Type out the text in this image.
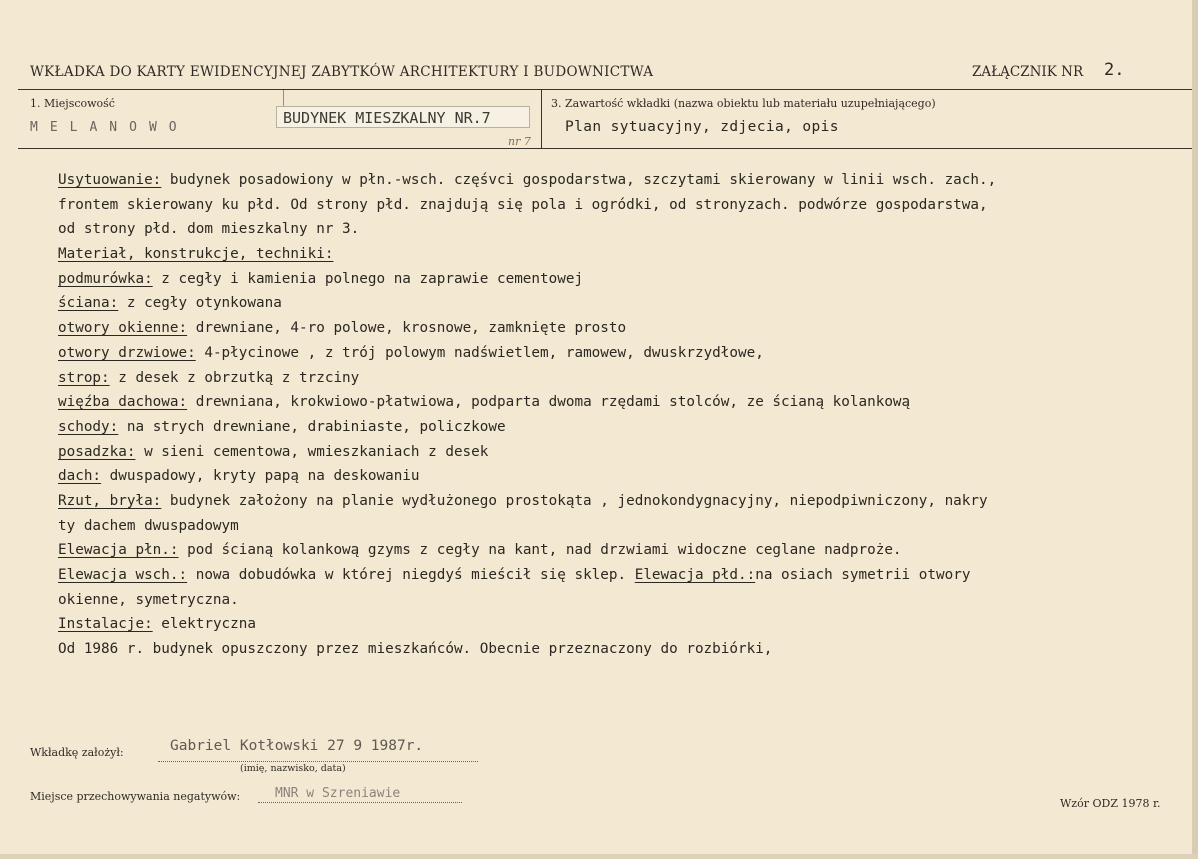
WKŁADKA DO KARTY EWIDENCYJNEJ ZABYTKÓW ARCHITEKTURY I BUDOWNICTWA	ZAŁĄCZNIK NR 2.
1. Miejscowość
MELANOWO
BUDYNEK MIESZKALNY NR.7
nr 7
3. Zawartość wkładki (nazwa obiektu lub materiału uzupełniającego)
Plan sytuacyjny, zdjecia, opis
Usytuowanie: budynek posadowiony w płn.-wsch. częśvci gospodarstwa, szczytami skierowany w linii wsch. zach.,
frontem skierowany ku płd. Od strony płd. znajdują się pola i ogródki, od stronyzach. podwórze gospodarstwa,
od strony płd. dom mieszkalny nr 3.
Materiał, konstrukcje, techniki:
podmurówka: z cegły i kamienia polnego na zaprawie cementowej
ściana: z cegły otynkowana
otwory okienne: drewniane, 4-ro polowe, krosnowe, zamknięte prosto
otwory drzwiowe: 4-płycinowe , z trój polowym nadświetlem, ramowew, dwuskrzydłowe,
strop: z desek z obrzutką z trzciny
więźba dachowa: drewniana, krokwiowo-płatwiowa, podparta dwoma rzędami stolców, ze ścianą kolankową
schody: na strych drewniane, drabiniaste, policzkowe
posadzka: w sieni cementowa, wmieszkaniach z desek
dach: dwuspadowy, kryty papą na deskowaniu
Rzut, bryła: budynek założony na planie wydłużonego prostokąta , jednokondygnacyjny, niepodpiwniczony, nakry
ty dachem dwuspadowym
Elewacja płn.: pod ścianą kolankową gzyms z cegły na kant, nad drzwiami widoczne ceglane nadproże.
Elewacja wsch.: nowa dobudówka w której niegdyś mieścił się sklep. Elewacja płd.:na osiach symetrii otwory
okienne, symetryczna.
Instalacje: elektryczna
Od 1986 r. budynek opuszczony przez mieszkańców. Obecnie przeznaczony do rozbiórki,
Wkładkę założył:	Gabriel Kotłowski 27 9 1987r.
(imię, nazwisko, data)
Miejsce przechowywania negatywów:	MNR w Szreniawie
Wzór ODZ 1978 r.
